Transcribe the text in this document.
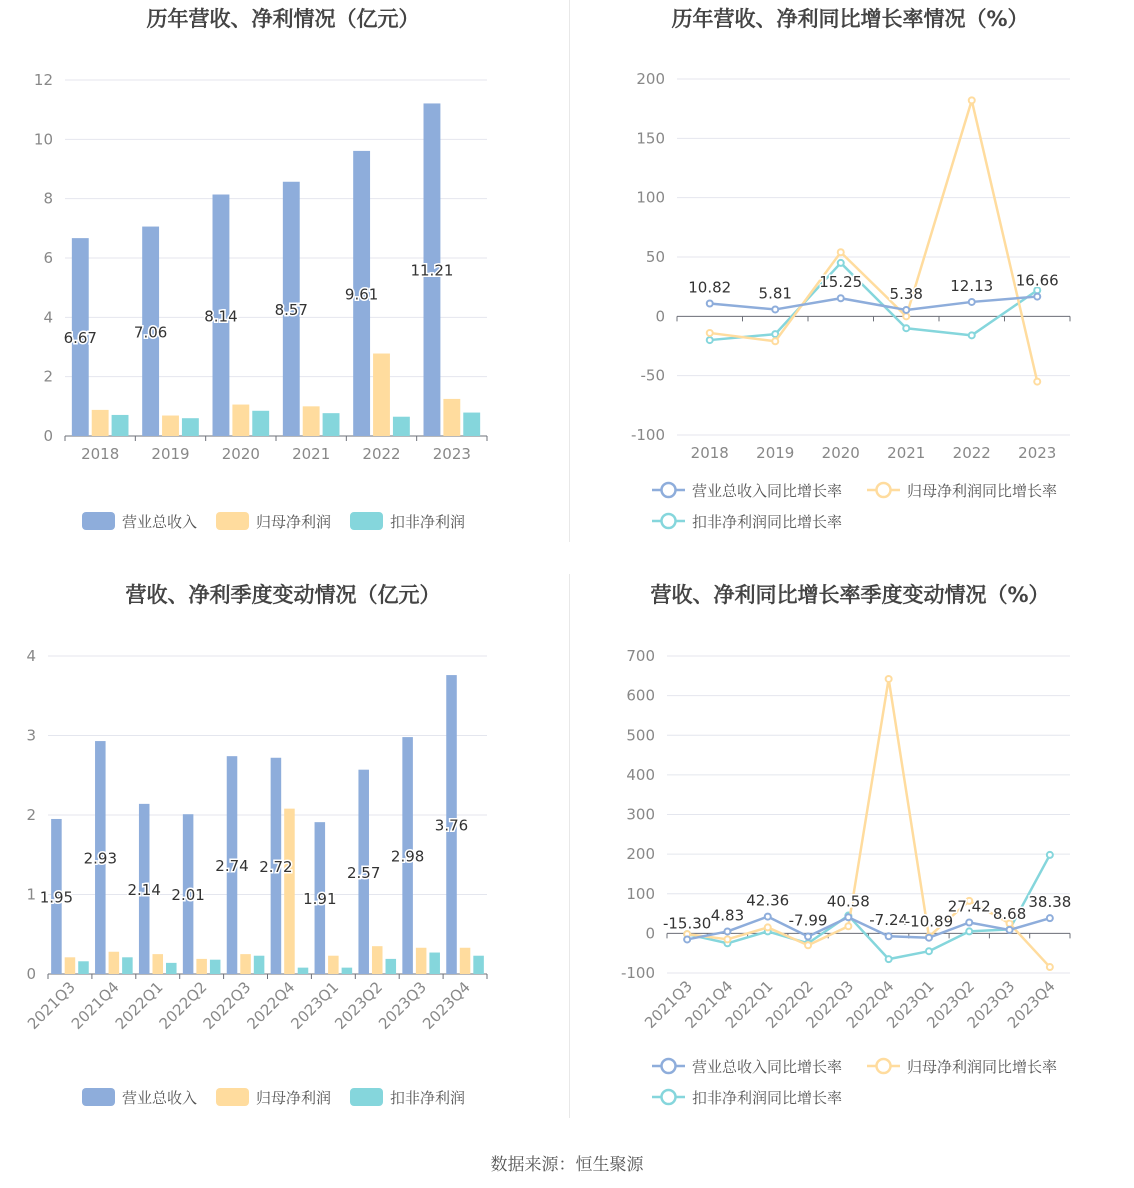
历年营收、净利情况（亿元）
0
2
4
6
8
10
12
2018 2019 2020 2021 2022 2023
6.67 7.06
8.14 8.57
9.61
11.21
营业总收入	归母净利润	扣非净利润
历年营收、净利同比增长率情况（%）
-100
-50
0
50
100
150
200
2018 2019 2020 2021 2022 2023
10.82 5.81
15.25
5.38 12.13 16.66
营业总收入同比增长率	归母净利润同比增长率
扣非净利润同比增长率
营收、净利季度变动情况（亿元）
0
1
2
3
4
2021Q3
2021Q4
2022Q1
2022Q2
2022Q3
2022Q4
2023Q1
2023Q2
2023Q3
2023Q4
1.95
2.93
2.14 2.01
2.74 2.72
1.91
2.57
2.98
3.76
营业总收入	归母净利润	扣非净利润
营收、净利同比增长率季度变动情况（%）
-100
0
100
200
300
400
500
600
700
2021Q3
2021Q4
2022Q1
2022Q2
2022Q3
2022Q4
2023Q1
2023Q2
2023Q3
2023Q4
-15.30 4.83
42.36
-7.99
40.58
-7.24
-10.89
27.42 8.68
38.38
营业总收入同比增长率	归母净利润同比增长率
扣非净利润同比增长率
数据来源：恒生聚源
